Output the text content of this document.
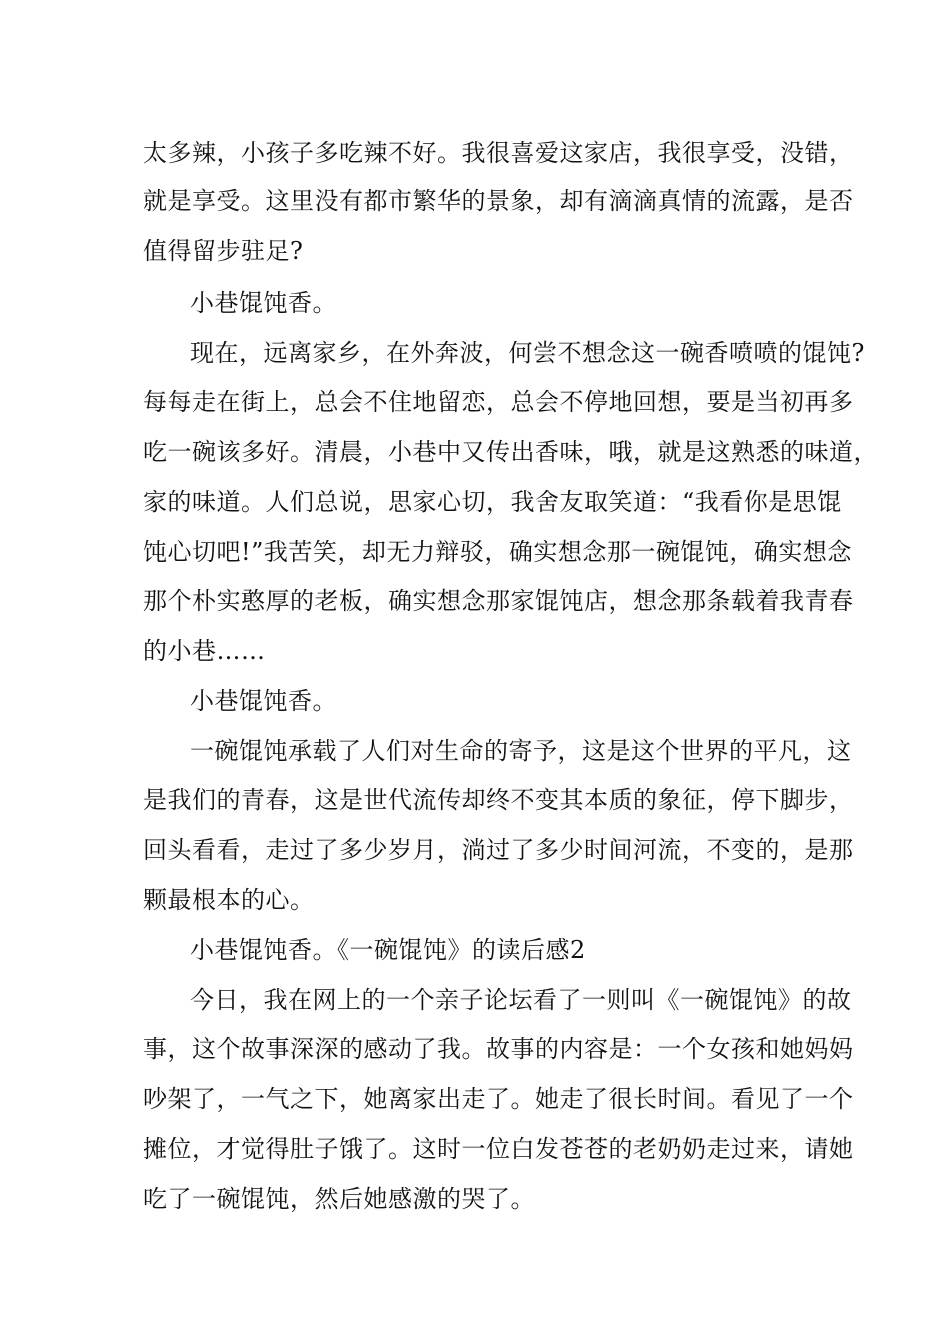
太多辣，小孩子多吃辣不好。我很喜爱这家店，我很享受，没错，
就是享受。这里没有都市繁华的景象，却有滴滴真情的流露，是否
值得留步驻足?
小巷馄饨香。
现在，远离家乡，在外奔波，何尝不想念这一碗香喷喷的馄饨?
每每走在街上，总会不住地留恋，总会不停地回想，要是当初再多
吃一碗该多好。清晨，小巷中又传出香味，哦，就是这熟悉的味道，
家的味道。人们总说，思家心切，我舍友取笑道：“我看你是思馄
饨心切吧!”我苦笑，却无力辩驳，确实想念那一碗馄饨，确实想念
那个朴实憨厚的老板，确实想念那家馄饨店，想念那条载着我青春
的小巷……
小巷馄饨香。
一碗馄饨承载了人们对生命的寄予，这是这个世界的平凡，这
是我们的青春，这是世代流传却终不变其本质的象征，停下脚步，
回头看看，走过了多少岁月，淌过了多少时间河流，不变的，是那
颗最根本的心。
小巷馄饨香。《一碗馄饨》的读后感2
今日，我在网上的一个亲子论坛看了一则叫《一碗馄饨》的故
事，这个故事深深的感动了我。故事的内容是：一个女孩和她妈妈
吵架了，一气之下，她离家出走了。她走了很长时间。看见了一个
摊位，才觉得肚子饿了。这时一位白发苍苍的老奶奶走过来，请她
吃了一碗馄饨，然后她感激的哭了。
